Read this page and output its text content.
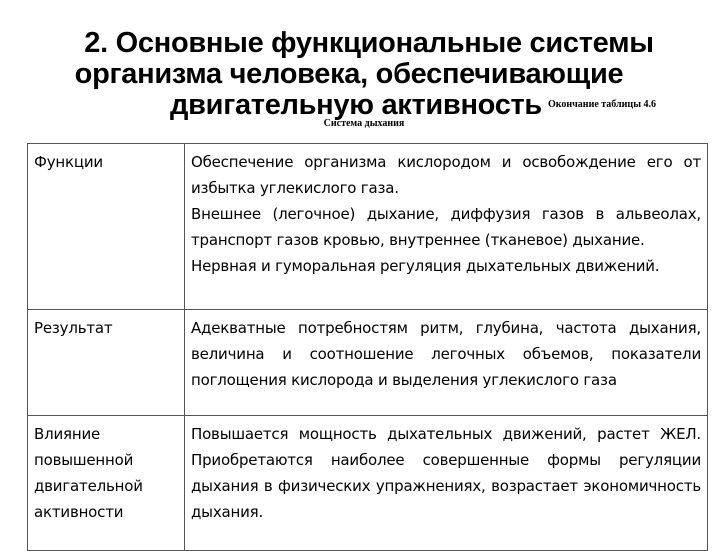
2. Основные функциональные системы
организма человека, обеспечивающие
двигательную активность Окончание таблицы 4.6
Система дыхания
Функции	Обеспечение организма кислородом и освобождение его от избытка углекислого газа.
Внешнее (легочное) дыхание, диффузия газов в альвеолах, транспорт газов кровью, внутреннее (тканевое) дыхание.
Нервная и гуморальная регуляция дыхательных движений.

Результат	Адекватные потребностям ритм, глубина, частота дыхания, величина и соотношение легочных объемов, показатели поглощения кислорода и выделения углекислого газа

Влияние повышенной двигательной активности	Повышается мощность дыхательных движений, растет ЖЕЛ. Приобретаются наиболее совершенные формы регуляции дыхания в физических упражнениях, возрастает экономичность дыхания.
